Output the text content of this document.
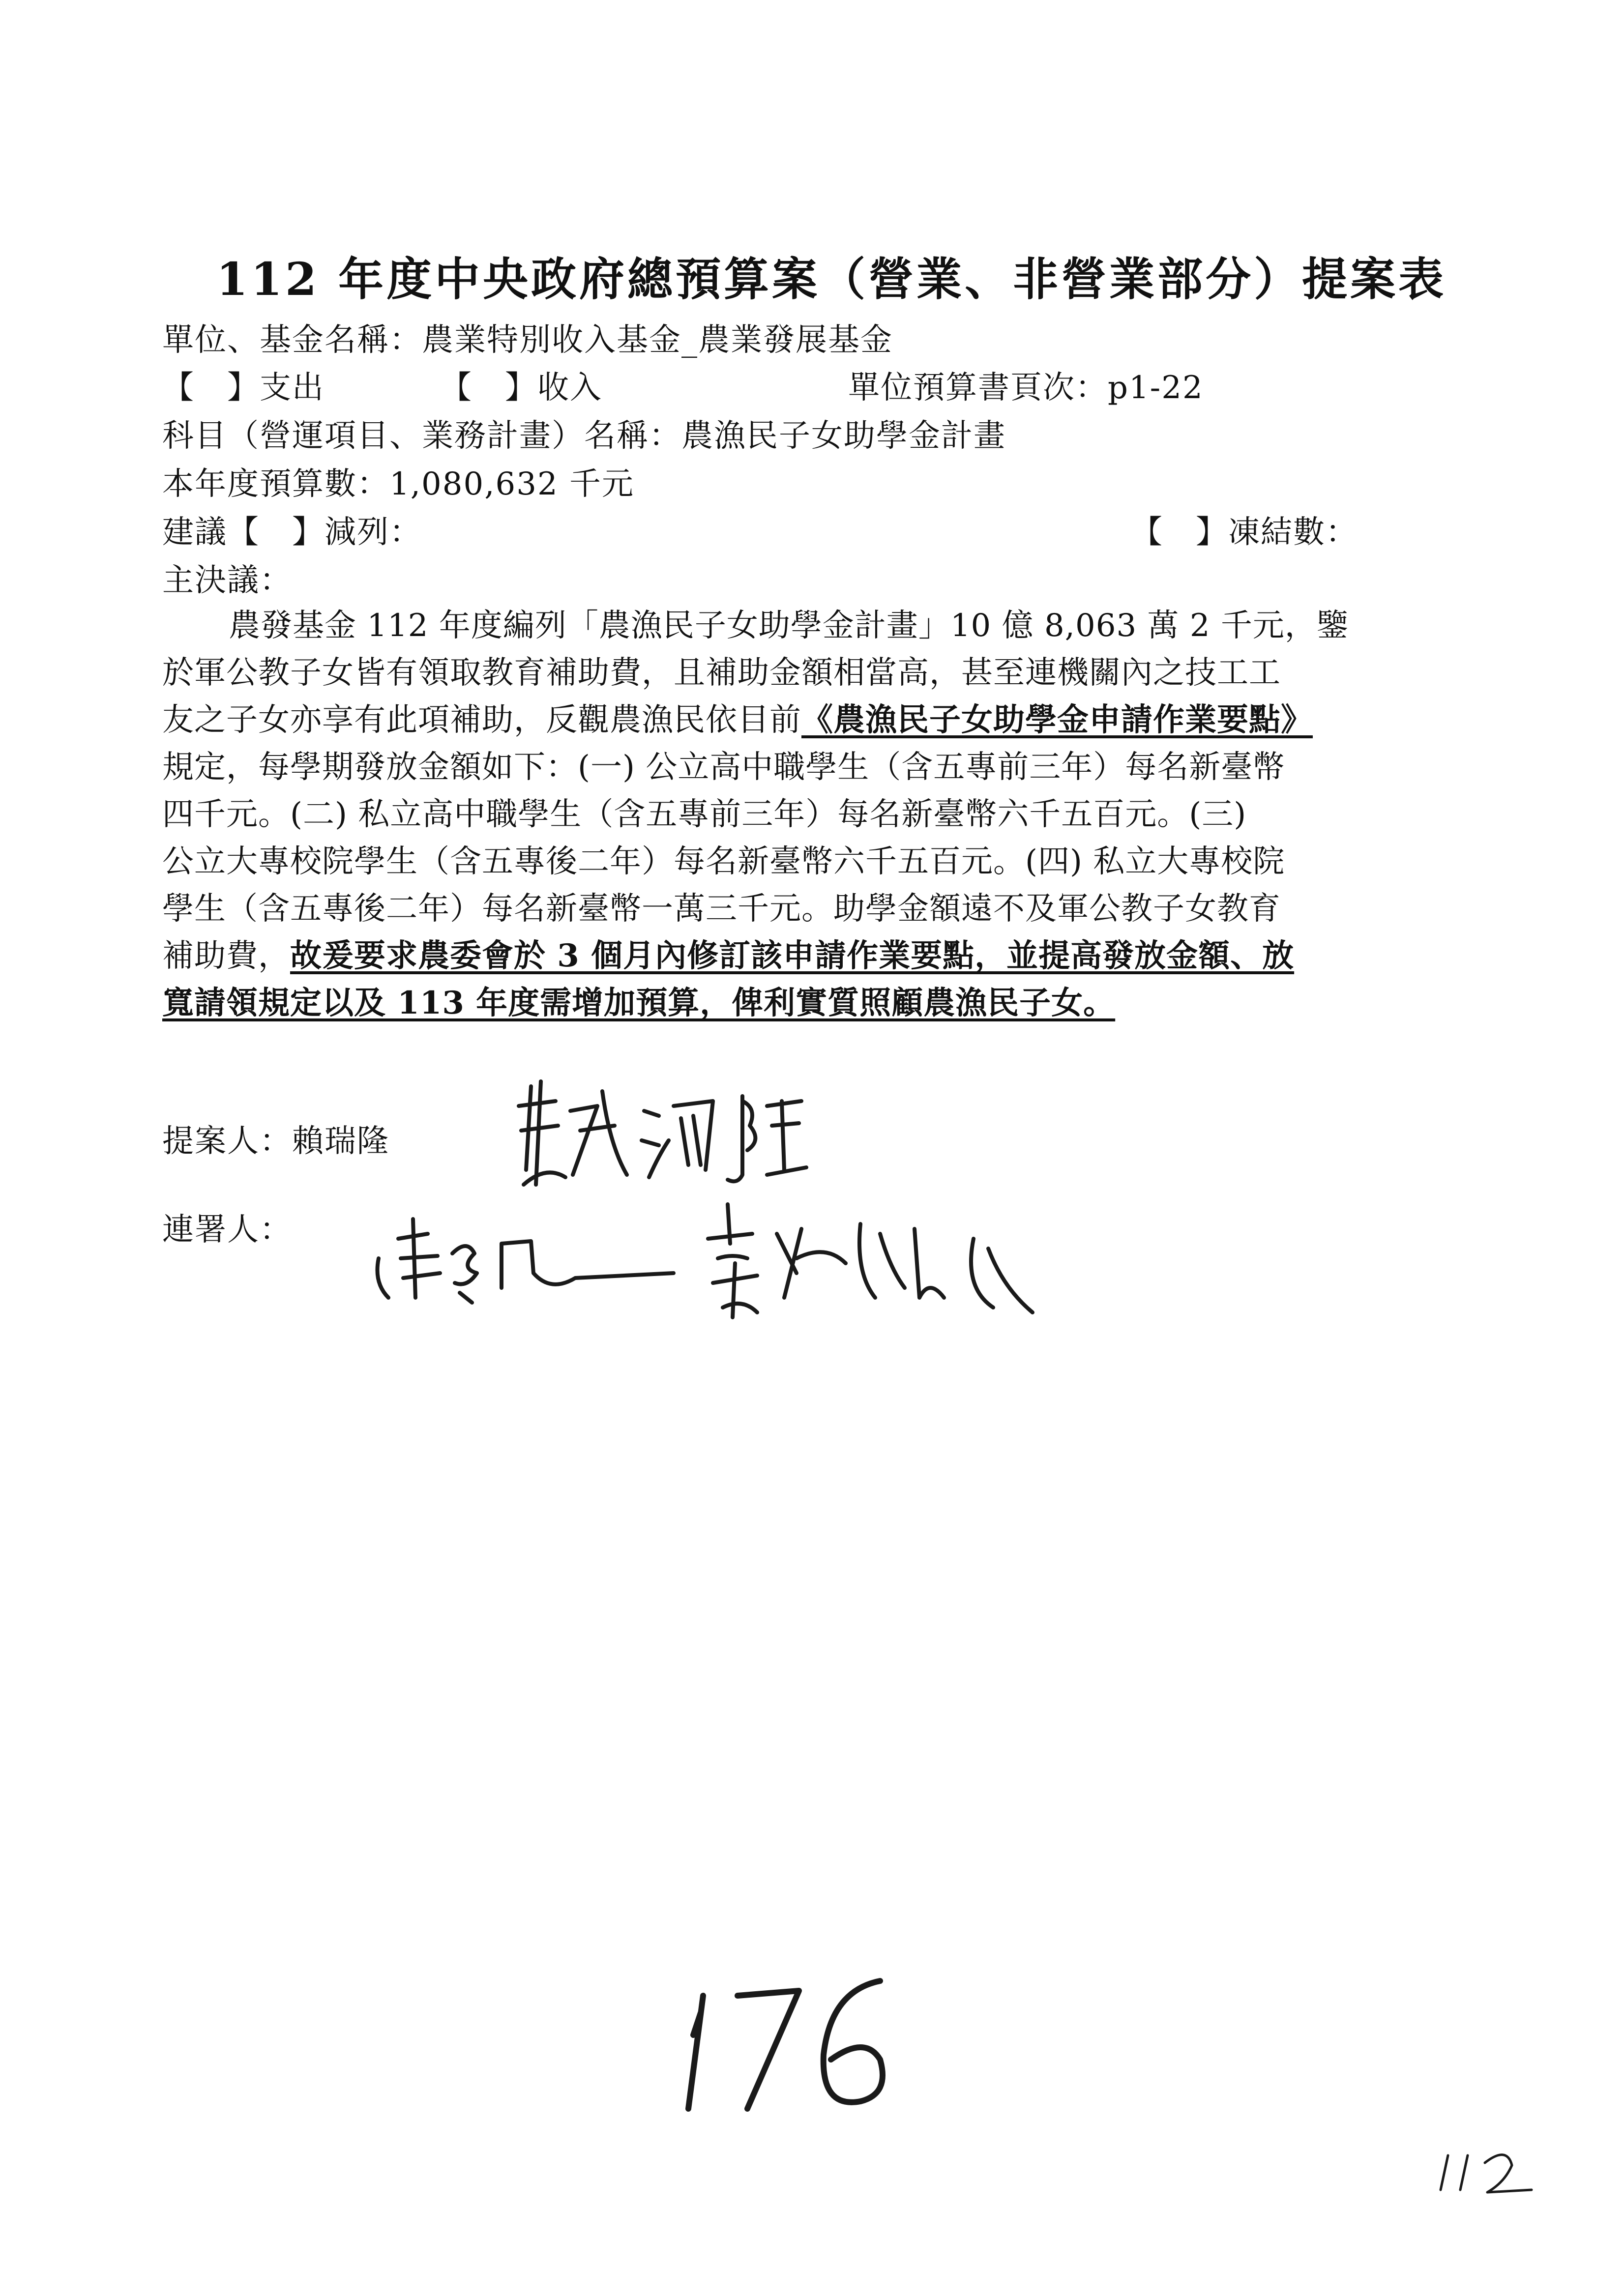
112 年度中央政府總預算案（營業、非營業部分）提案表
單位、基金名稱：農業特別收入基金_農業發展基金
【　】支出	【　】收入	單位預算書頁次：p1-22
科目（營運項目、業務計畫）名稱：農漁民子女助學金計畫
本年度預算數：1,080,632 千元
建議【　】減列：	【　】凍結數：
主決議：
農發基金 112 年度編列「農漁民子女助學金計畫」10 億 8,063 萬 2 千元，鑒
於軍公教子女皆有領取教育補助費，且補助金額相當高，甚至連機關內之技工工
友之子女亦享有此項補助，反觀農漁民依目前《農漁民子女助學金申請作業要點》
規定，每學期發放金額如下：(一) 公立高中職學生（含五專前三年）每名新臺幣
四千元。(二) 私立高中職學生（含五專前三年）每名新臺幣六千五百元。(三)
公立大專校院學生（含五專後二年）每名新臺幣六千五百元。(四) 私立大專校院
學生（含五專後二年）每名新臺幣一萬三千元。助學金額遠不及軍公教子女教育
補助費，故爰要求農委會於 3 個月內修訂該申請作業要點，並提高發放金額、放
寬請領規定以及 113 年度需增加預算，俾利實質照顧農漁民子女。
提案人：賴瑞隆
連署人：
